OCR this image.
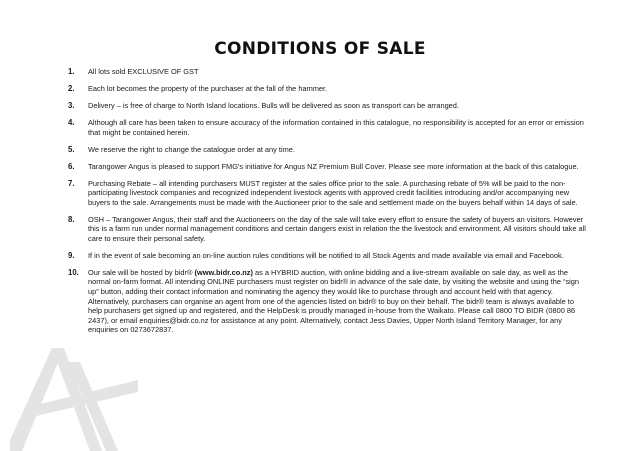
CONDITIONS OF SALE
1. All lots sold EXCLUSIVE OF GST
2. Each lot becomes the property of the purchaser at the fall of the hammer.
3. Delivery – is free of charge to North Island locations. Bulls will be delivered as soon as transport can be arranged.
4. Although all care has been taken to ensure accuracy of the information contained in this catalogue, no responsibility is accepted for an error or emission that might be contained herein.
5. We reserve the right to change the catalogue order at any time.
6. Tarangower Angus is pleased to support FMG's initiative for Angus NZ Premium Bull Cover. Please see more information at the back of this catalogue.
7. Purchasing Rebate – all intending purchasers MUST register at the sales office prior to the sale. A purchasing rebate of 5% will be paid to the non-participating livestock companies and recognized independent livestock agents with approved credit facilities introducing and/or accompanying new buyers to the sale. Arrangements must be made with the Auctioneer prior to the sale and settlement made on the buyers behalf within 14 days of sale.
8. OSH – Tarangower Angus, their staff and the Auctioneers on the day of the sale will take every effort to ensure the safety of buyers an visitors. However this is a farm run under normal management conditions and certain dangers exist in relation the the livestock and environment. All visitors should take all care to ensure their personal safety.
9. If in the event of sale becoming an on-line auction rules conditions will be notified to all Stock Agents and made available via email and Facebook.
10. Our sale will be hosted by bidr® (www.bidr.co.nz) as a HYBRID auction, with online bidding and a live-stream available on sale day, as well as the normal on-farm format. All intending ONLINE purchasers must register on bidr® in advance of the sale date, by visiting the website and using the “sign up” button, adding their contact information and nominating the agency they would like to purchase through and account held with that agency. Alternatively, purchasers can organise an agent from one of the agencies listed on bidr® to buy on their behalf. The bidr® team is always available to help purchasers get signed up and registered, and the HelpDesk is proudly managed in-house from the Waikato. Please call 0800 TO BIDR (0800 86 2437), or email enquiries@bidr.co.nz for assistance at any point. Alternatively, contact Jess Davies, Upper North Island Territory Manager, for any enquiries on 0273672837.
